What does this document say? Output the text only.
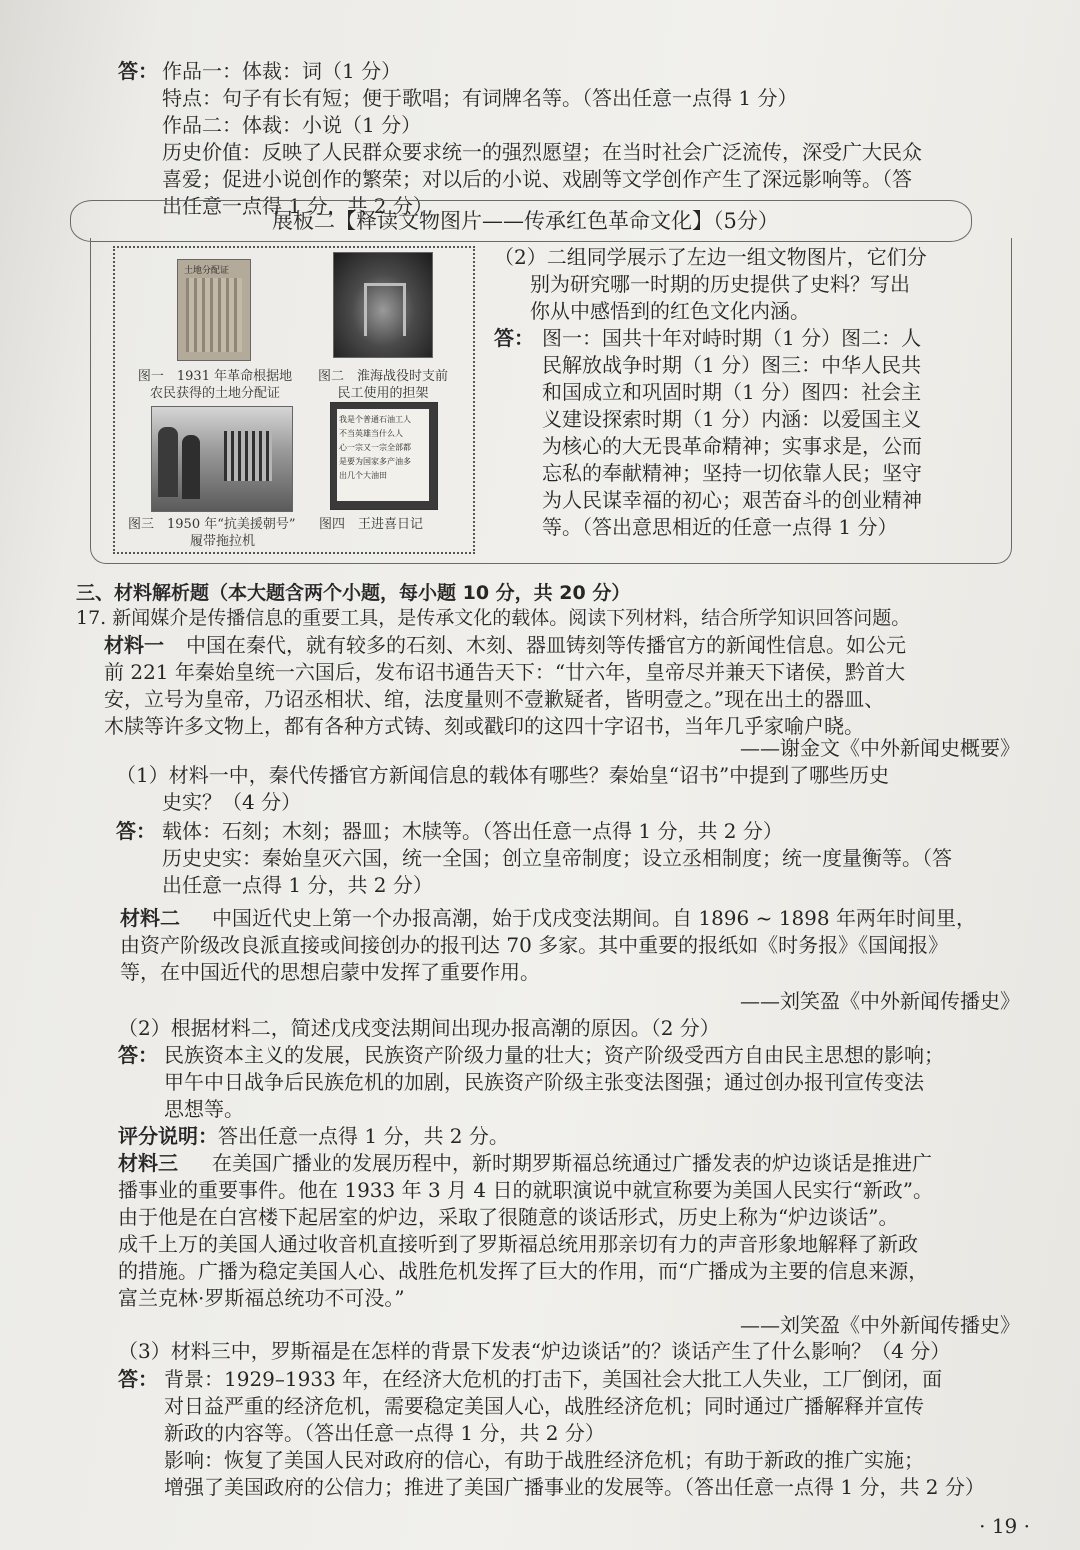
答： 作品一：体裁：词（1 分）
特点：句子有长有短；便于歌唱；有词牌名等。（答出任意一点得 1 分）
作品二：体裁：小说（1 分）
历史价值：反映了人民群众要求统一的强烈愿望；在当时社会广泛流传，深受广大民众
喜爱；促进小说创作的繁荣；对以后的小说、戏剧等文学创作产生了深远影响等。（答
出任意一点得 1 分，共 2 分）
展板二【释读文物图片——传承红色革命文化】（5分）
土地分配证
图一　1931 年革命根据地
农民获得的土地分配证
图二　淮海战役时支前
民工使用的担架
图三　1950 年“抗美援朝号”
履带拖拉机
我是个普通石油工人
不当英雄当什么人
心一宗又一宗全部都
是要为国家多产油多
出几个大油田
图四　王进喜日记
（2）二组同学展示了左边一组文物图片，它们分
别为研究哪一时期的历史提供了史料？写出
你从中感悟到的红色文化内涵。
答： 图一：国共十年对峙时期（1 分）图二：人
民解放战争时期（1 分）图三：中华人民共
和国成立和巩固时期（1 分）图四：社会主
义建设探索时期（1 分）内涵：以爱国主义
为核心的大无畏革命精神；实事求是，公而
忘私的奉献精神；坚持一切依靠人民；坚守
为人民谋幸福的初心；艰苦奋斗的创业精神
等。（答出意思相近的任意一点得 1 分）
三、材料解析题（本大题含两个小题，每小题 10 分，共 20 分）
17. 新闻媒介是传播信息的重要工具，是传承文化的载体。阅读下列材料，结合所学知识回答问题。
材料一 中国在秦代，就有较多的石刻、木刻、器皿铸刻等传播官方的新闻性信息。如公元
前 221 年秦始皇统一六国后，发布诏书通告天下：“廿六年，皇帝尽并兼天下诸侯，黔首大
安，立号为皇帝，乃诏丞相状、绾，法度量则不壹歉疑者，皆明壹之。”现在出土的器皿、
木牍等许多文物上，都有各种方式铸、刻或戳印的这四十字诏书，当年几乎家喻户晓。
——谢金文《中外新闻史概要》
（1）材料一中，秦代传播官方新闻信息的载体有哪些？秦始皇“诏书”中提到了哪些历史
史实？（4 分）
答： 载体：石刻；木刻；器皿；木牍等。（答出任意一点得 1 分，共 2 分）
历史史实：秦始皇灭六国，统一全国；创立皇帝制度；设立丞相制度；统一度量衡等。（答
出任意一点得 1 分，共 2 分）
材料二 中国近代史上第一个办报高潮，始于戊戌变法期间。自 1896 ~ 1898 年两年时间里，
由资产阶级改良派直接或间接创办的报刊达 70 多家。其中重要的报纸如《时务报》《国闻报》
等，在中国近代的思想启蒙中发挥了重要作用。
——刘笑盈《中外新闻传播史》
（2）根据材料二，简述戊戌变法期间出现办报高潮的原因。（2 分）
答： 民族资本主义的发展，民族资产阶级力量的壮大；资产阶级受西方自由民主思想的影响；
甲午中日战争后民族危机的加剧，民族资产阶级主张变法图强；通过创办报刊宣传变法
思想等。
评分说明： 答出任意一点得 1 分，共 2 分。
材料三 在美国广播业的发展历程中，新时期罗斯福总统通过广播发表的炉边谈话是推进广
播事业的重要事件。他在 1933 年 3 月 4 日的就职演说中就宣称要为美国人民实行“新政”。
由于他是在白宫楼下起居室的炉边，采取了很随意的谈话形式，历史上称为“炉边谈话”。
成千上万的美国人通过收音机直接听到了罗斯福总统用那亲切有力的声音形象地解释了新政
的措施。广播为稳定美国人心、战胜危机发挥了巨大的作用，而“广播成为主要的信息来源，
富兰克林·罗斯福总统功不可没。”
——刘笑盈《中外新闻传播史》
（3）材料三中，罗斯福是在怎样的背景下发表“炉边谈话”的？谈话产生了什么影响？（4 分）
答： 背景：1929–1933 年，在经济大危机的打击下，美国社会大批工人失业，工厂倒闭，面
对日益严重的经济危机，需要稳定美国人心，战胜经济危机；同时通过广播解释并宣传
新政的内容等。（答出任意一点得 1 分，共 2 分）
影响：恢复了美国人民对政府的信心，有助于战胜经济危机；有助于新政的推广实施；
增强了美国政府的公信力；推进了美国广播事业的发展等。（答出任意一点得 1 分，共 2 分）
· 19 ·
